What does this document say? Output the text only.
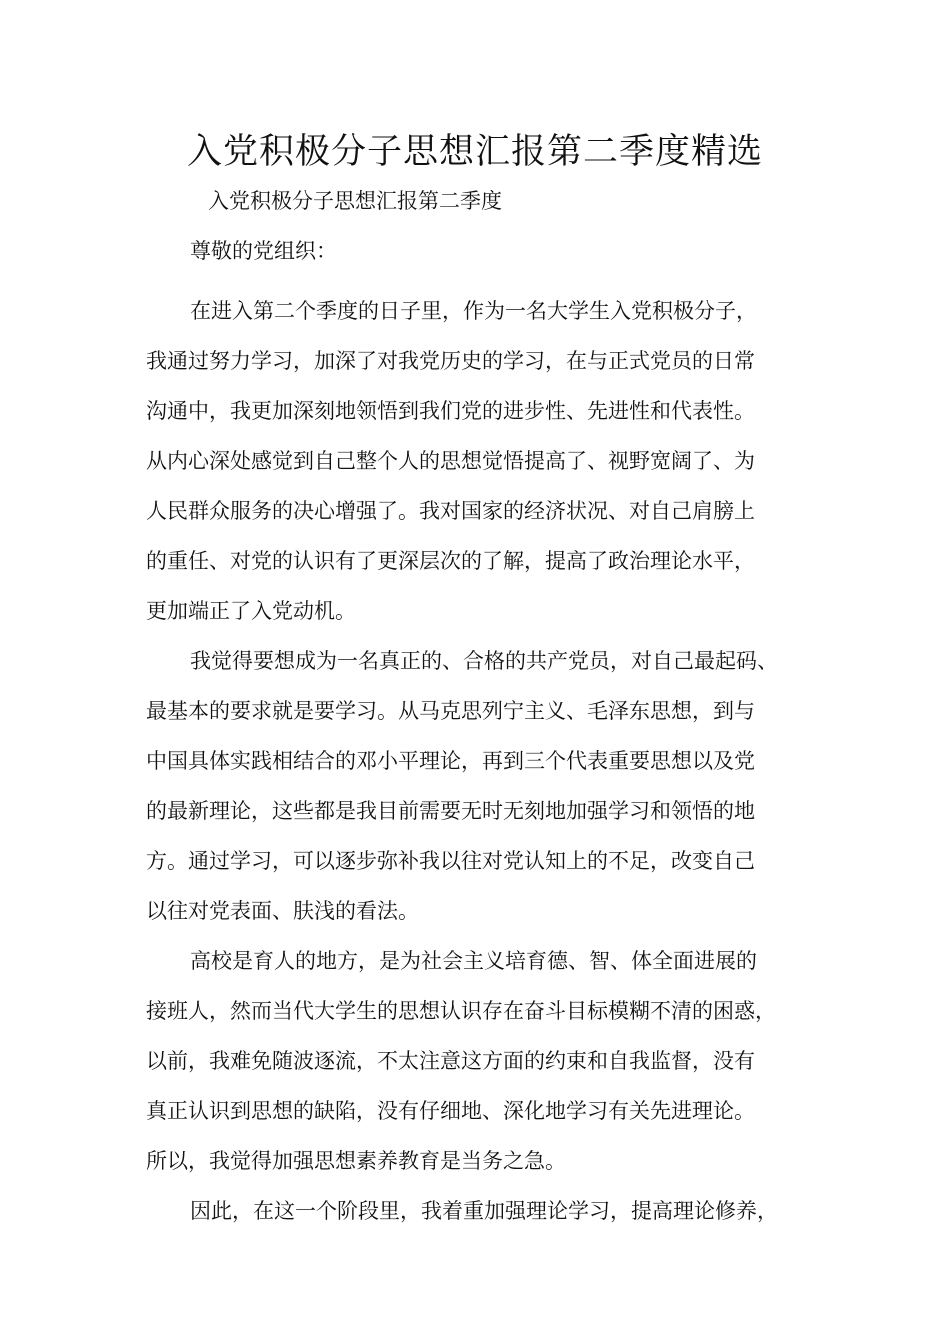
入党积极分子思想汇报第二季度精选

入党积极分子思想汇报第二季度

尊敬的党组织：

在进入第二个季度的日子里，作为一名大学生入党积极分子，
我通过努力学习，加深了对我党历史的学习，在与正式党员的日常
沟通中，我更加深刻地领悟到我们党的进步性、先进性和代表性。
从内心深处感觉到自己整个人的思想觉悟提高了、视野宽阔了、为
人民群众服务的决心增强了。我对国家的经济状况、对自己肩膀上
的重任、对党的认识有了更深层次的了解，提高了政治理论水平，
更加端正了入党动机。
我觉得要想成为一名真正的、合格的共产党员，对自己最起码、
最基本的要求就是要学习。从马克思列宁主义、毛泽东思想，到与
中国具体实践相结合的邓小平理论，再到三个代表重要思想以及党
的最新理论，这些都是我目前需要无时无刻地加强学习和领悟的地
方。通过学习，可以逐步弥补我以往对党认知上的不足，改变自己
以往对党表面、肤浅的看法。
高校是育人的地方，是为社会主义培育德、智、体全面进展的
接班人，然而当代大学生的思想认识存在奋斗目标模糊不清的困惑，
以前，我难免随波逐流，不太注意这方面的约束和自我监督，没有
真正认识到思想的缺陷，没有仔细地、深化地学习有关先进理论。
所以，我觉得加强思想素养教育是当务之急。
因此，在这一个阶段里，我着重加强理论学习，提高理论修养，
